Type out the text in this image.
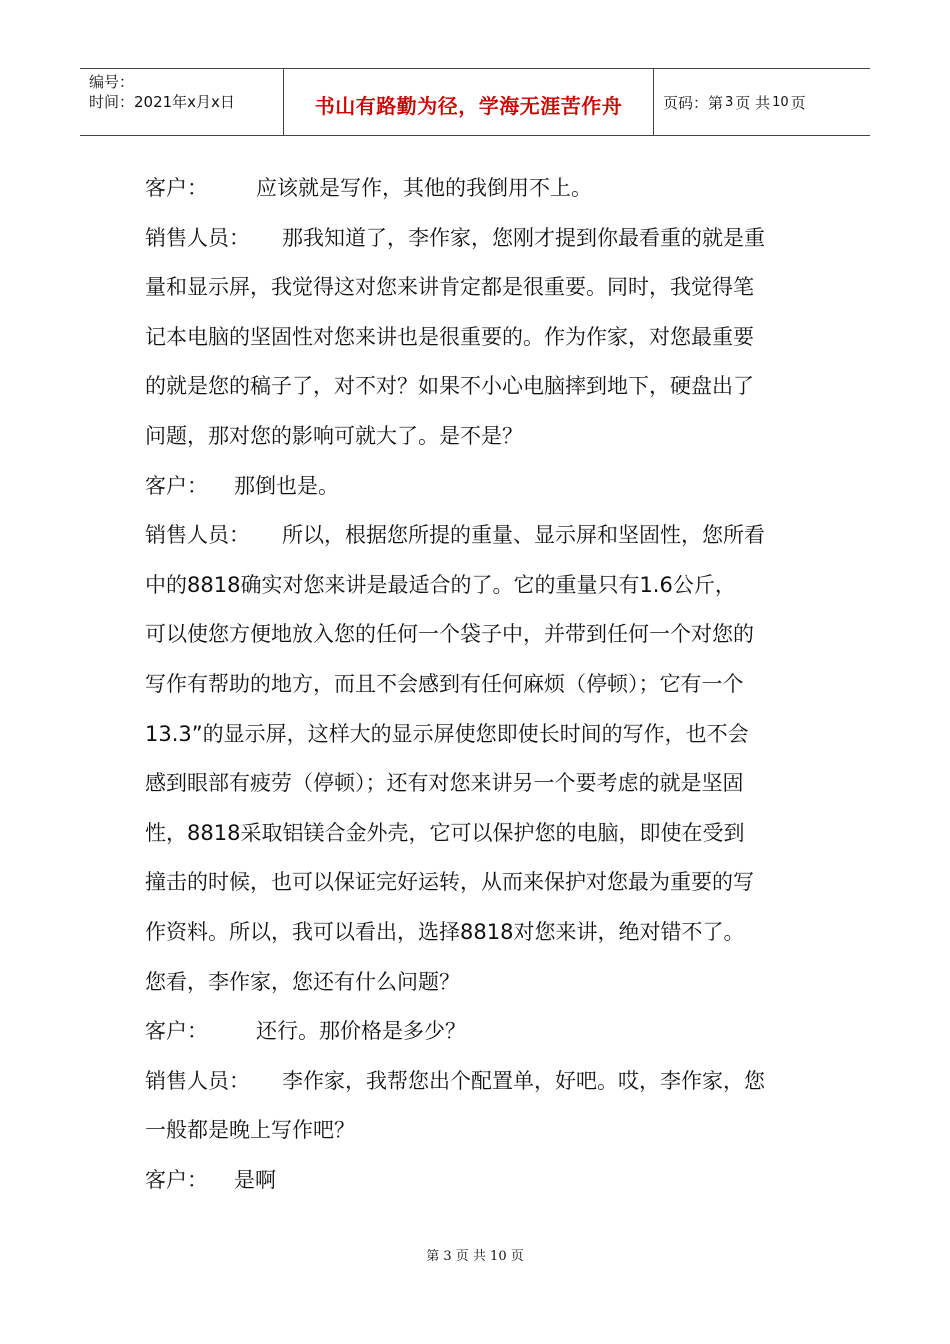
编号：
时间：2021年x月x日	书山有路勤为径，学海无涯苦作舟	页码：第 3 页 共 10 页
客户： 应该就是写作，其他的我倒用不上。
销售人员： 那我知道了，李作家，您刚才提到你最看重的就是重
量和显示屏，我觉得这对您来讲肯定都是很重要。同时，我觉得笔
记本电脑的坚固性对您来讲也是很重要的。作为作家，对您最重要
的就是您的稿子了，对不对？如果不小心电脑摔到地下，硬盘出了
问题，那对您的影响可就大了。是不是？
客户： 那倒也是。
销售人员： 所以，根据您所提的重量、显示屏和坚固性，您所看
中的8818确实对您来讲是最适合的了。它的重量只有1.6公斤，
可以使您方便地放入您的任何一个袋子中，并带到任何一个对您的
写作有帮助的地方，而且不会感到有任何麻烦（停顿）；它有一个
13.3”的显示屏，这样大的显示屏使您即使长时间的写作，也不会
感到眼部有疲劳（停顿）；还有对您来讲另一个要考虑的就是坚固
性，8818采取铝镁合金外壳，它可以保护您的电脑，即使在受到
撞击的时候，也可以保证完好运转，从而来保护对您最为重要的写
作资料。所以，我可以看出，选择8818对您来讲，绝对错不了。
您看，李作家，您还有什么问题？
客户： 还行。那价格是多少？
销售人员： 李作家，我帮您出个配置单，好吧。哎，李作家，您
一般都是晚上写作吧？
客户： 是啊
第 3 页 共 10 页
